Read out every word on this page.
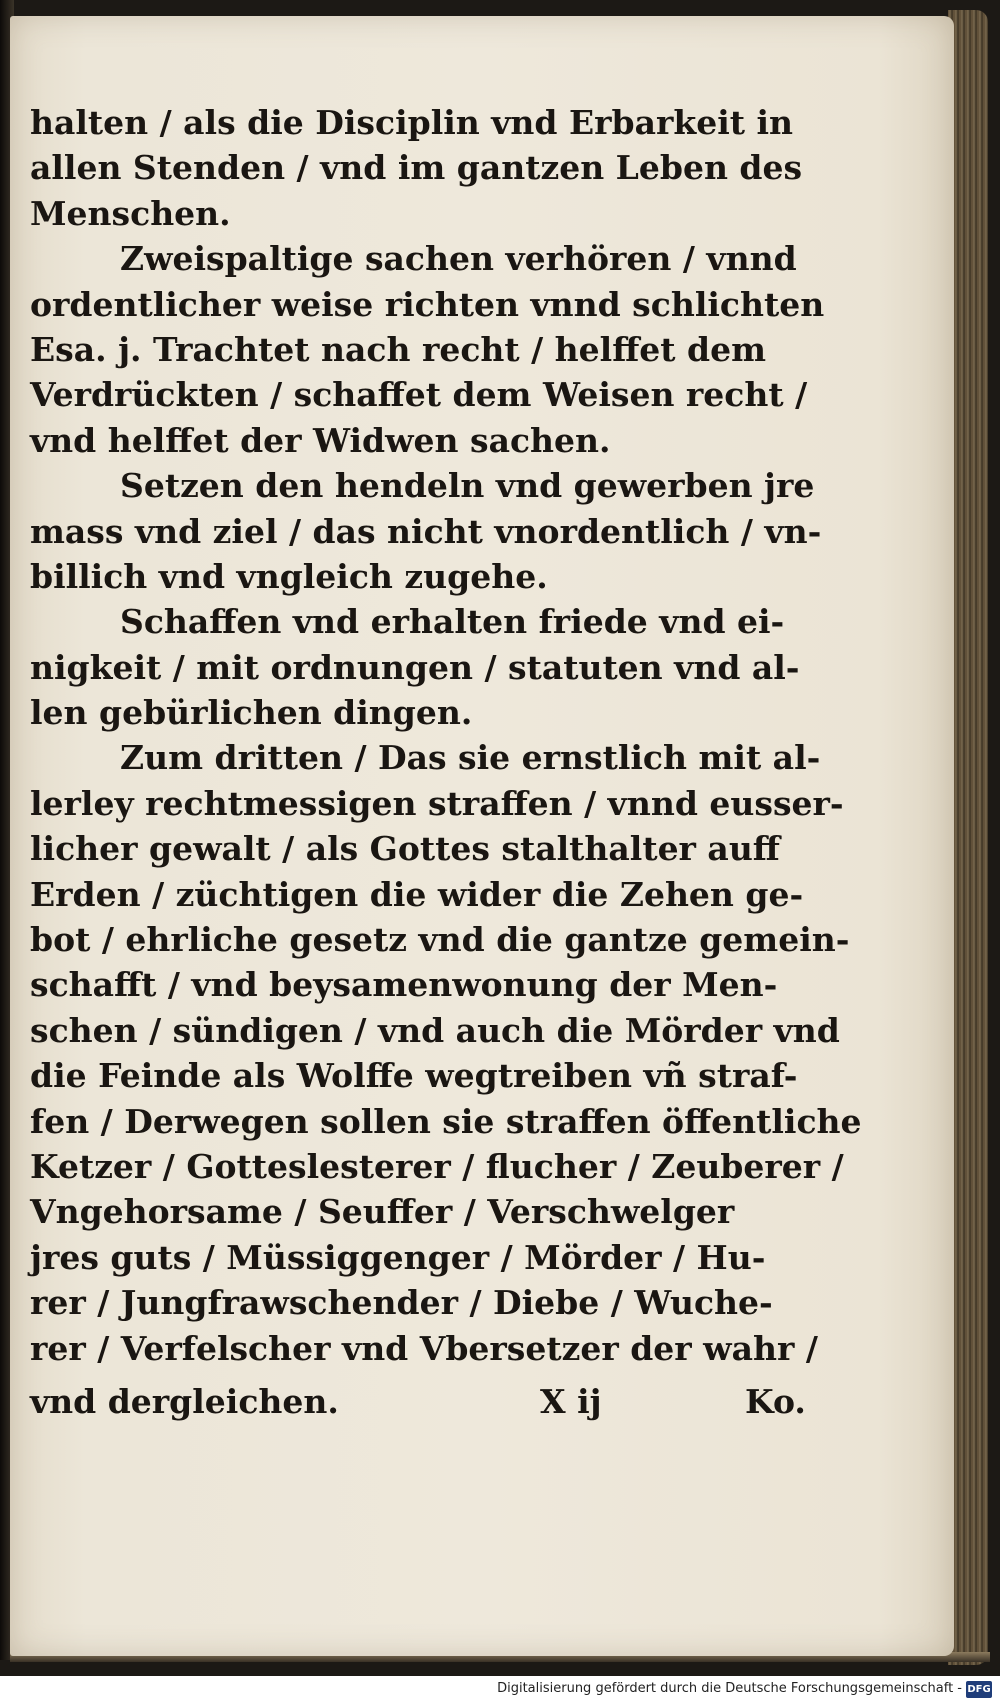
halten / als die Disciplin vnd Erbarkeit in
allen Stenden / vnd im gantzen Leben des
Menschen.
Zweispaltige sachen verhören / vnnd
ordentlicher weise richten vnnd schlichten
Esa. j. Trachtet nach recht / helffet dem
Verdrückten / schaffet dem Weisen recht /
vnd helffet der Widwen sachen.
Setzen den hendeln vnd gewerben jre
mass vnd ziel / das nicht vnordentlich / vn-
billich vnd vngleich zugehe.
Schaffen vnd erhalten friede vnd ei-
nigkeit / mit ordnungen / statuten vnd al-
len gebürlichen dingen.
Zum dritten / Das sie ernstlich mit al-
lerley rechtmessigen straffen / vnnd eusser-
licher gewalt / als Gottes stalthalter auff
Erden / züchtigen die wider die Zehen ge-
bot / ehrliche gesetz vnd die gantze gemein-
schafft / vnd beysamenwonung der Men-
schen / sündigen / vnd auch die Mörder vnd
die Feinde als Wolffe wegtreiben vñ straf-
fen / Derwegen sollen sie straffen öffentliche
Ketzer / Gotteslesterer / flucher / Zeuberer /
Vngehorsame / Seuffer / Verschwelger
jres guts / Müssiggenger / Mörder / Hu-
rer / Jungfrawschender / Diebe / Wuche-
rer / Verfelscher vnd Vbersetzer der wahr /
vnd dergleichen.	X ij	Ko.
Digitalisierung gefördert durch die Deutsche Forschungsgemeinschaft - DFG
